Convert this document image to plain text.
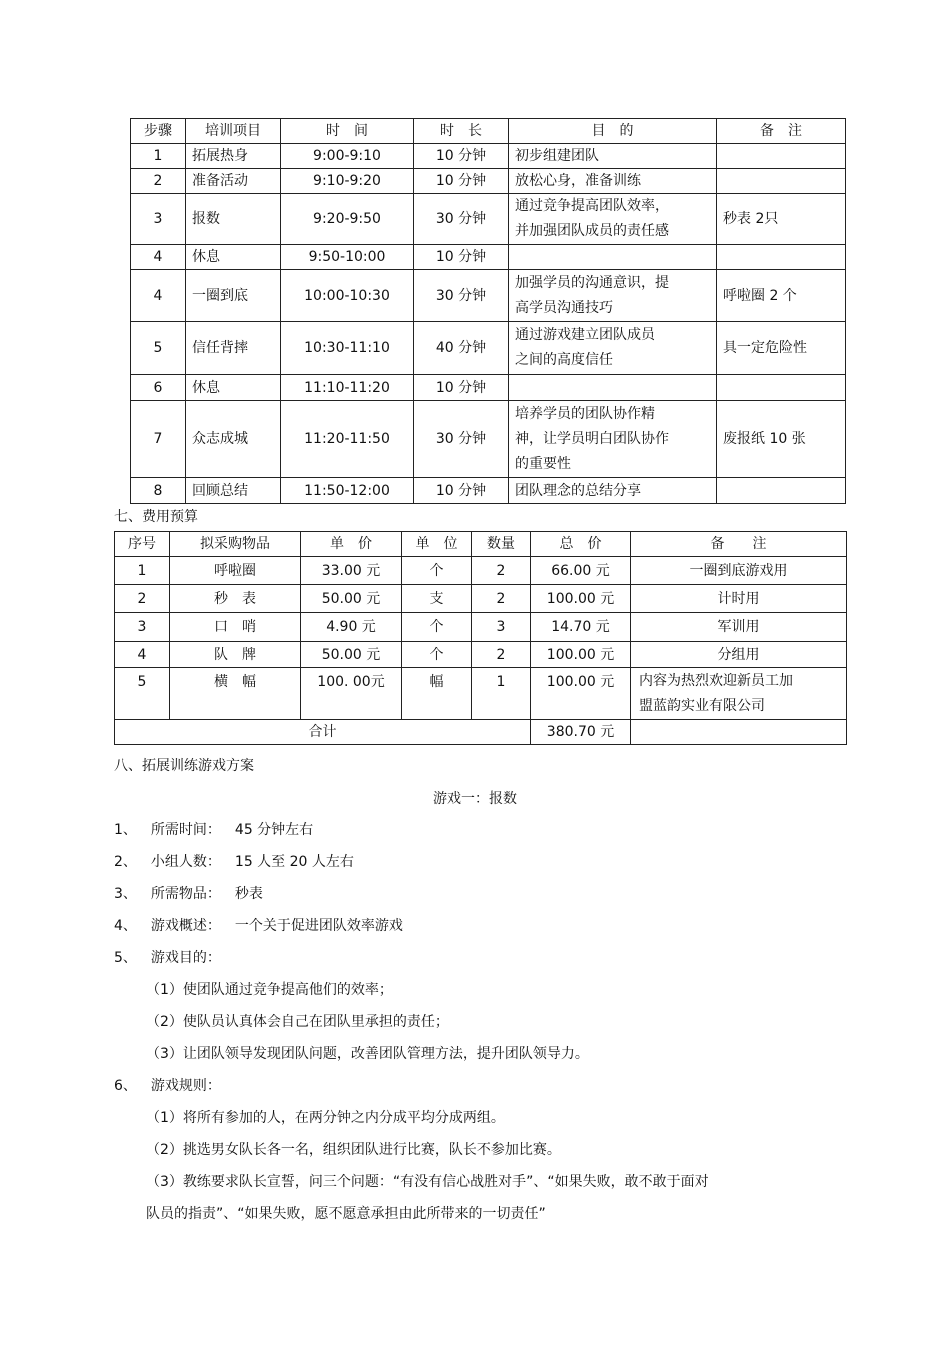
步骤	培训项目	时　间	时　长	目　的	备　注
1	拓展热身	9:00-9:10	10 分钟	初步组建团队	
2	准备活动	9:10-9:20	10 分钟	放松心身，准备训练	
3	报数	9:20-9:50	30 分钟	通过竞争提高团队效率，
并加强团队成员的责任感	秒表 2只
4	休息	9:50-10:00	10 分钟		
4	一圈到底	10:00-10:30	30 分钟	加强学员的沟通意识，提
高学员沟通技巧	呼啦圈 2 个
5	信任背摔	10:30-11:10	40 分钟	通过游戏建立团队成员
之间的高度信任	具一定危险性
6	休息	11:10-11:20	10 分钟		
7	众志成城	11:20-11:50	30 分钟	培养学员的团队协作精
神，让学员明白团队协作
的重要性	废报纸 10 张
8	回顾总结	11:50-12:00	10 分钟	团队理念的总结分享	
七、费用预算
序号	拟采购物品	单　价	单　位	数量	总　价	备　　注
1	呼啦圈	33.00 元	个	2	66.00 元	一圈到底游戏用
2	秒　表	50.00 元	支	2	100.00 元	计时用
3	口　哨	4.90 元	个	3	14.70 元	军训用
4	队　牌	50.00 元	个	2	100.00 元	分组用
5	横　幅	100. 00元	幅	1	100.00 元	内容为热烈欢迎新员工加
盟蓝韵实业有限公司
合计					380.70 元	
八、拓展训练游戏方案
游戏一：报数
1、 所需时间： 45 分钟左右
2、 小组人数： 15 人至 20 人左右
3、 所需物品： 秒表
4、 游戏概述： 一个关于促进团队效率游戏
5、 游戏目的：
（1）使团队通过竞争提高他们的效率；
（2）使队员认真体会自己在团队里承担的责任；
（3）让团队领导发现团队问题，改善团队管理方法，提升团队领导力。
6、 游戏规则：
（1）将所有参加的人，在两分钟之内分成平均分成两组。
（2）挑选男女队长各一名，组织团队进行比赛，队长不参加比赛。
（3）教练要求队长宣誓，问三个问题：“有没有信心战胜对手”、“如果失败，敢不敢于面对
队员的指责”、“如果失败，愿不愿意承担由此所带来的一切责任”
